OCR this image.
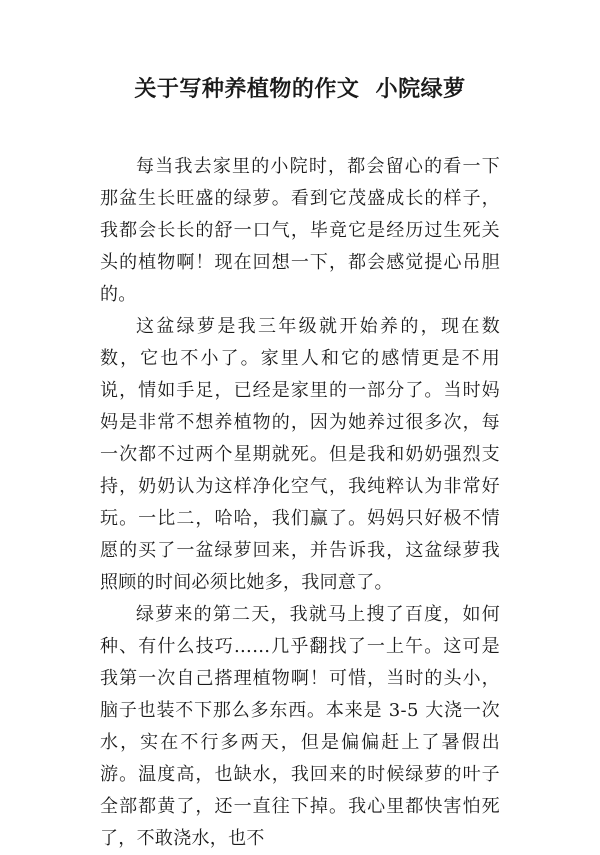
关于写种养植物的作文  小院绿萝

每当我去家里的小院时，都会留心的看一下那盆生长旺盛的绿萝。看到它茂盛成长的样子，我都会长长的舒一口气，毕竟它是经历过生死关头的植物啊！现在回想一下，都会感觉提心吊胆的。

这盆绿萝是我三年级就开始养的，现在数数，它也不小了。家里人和它的感情更是不用说，情如手足，已经是家里的一部分了。当时妈妈是非常不想养植物的，因为她养过很多次，每一次都不过两个星期就死。但是我和奶奶强烈支持，奶奶认为这样净化空气，我纯粹认为非常好玩。一比二，哈哈，我们赢了。妈妈只好极不情愿的买了一盆绿萝回来，并告诉我，这盆绿萝我照顾的时间必须比她多，我同意了。

绿萝来的第二天，我就马上搜了百度，如何种、有什么技巧……几乎翻找了一上午。这可是我第一次自己搭理植物啊！可惜，当时的头小，脑子也装不下那么多东西。本来是 3-5 大浇一次水，实在不行多两天，但是偏偏赶上了暑假出游。温度高，也缺水，我回来的时候绿萝的叶子全部都黄了，还一直往下掉。我心里都快害怕死了，不敢浇水，也不
